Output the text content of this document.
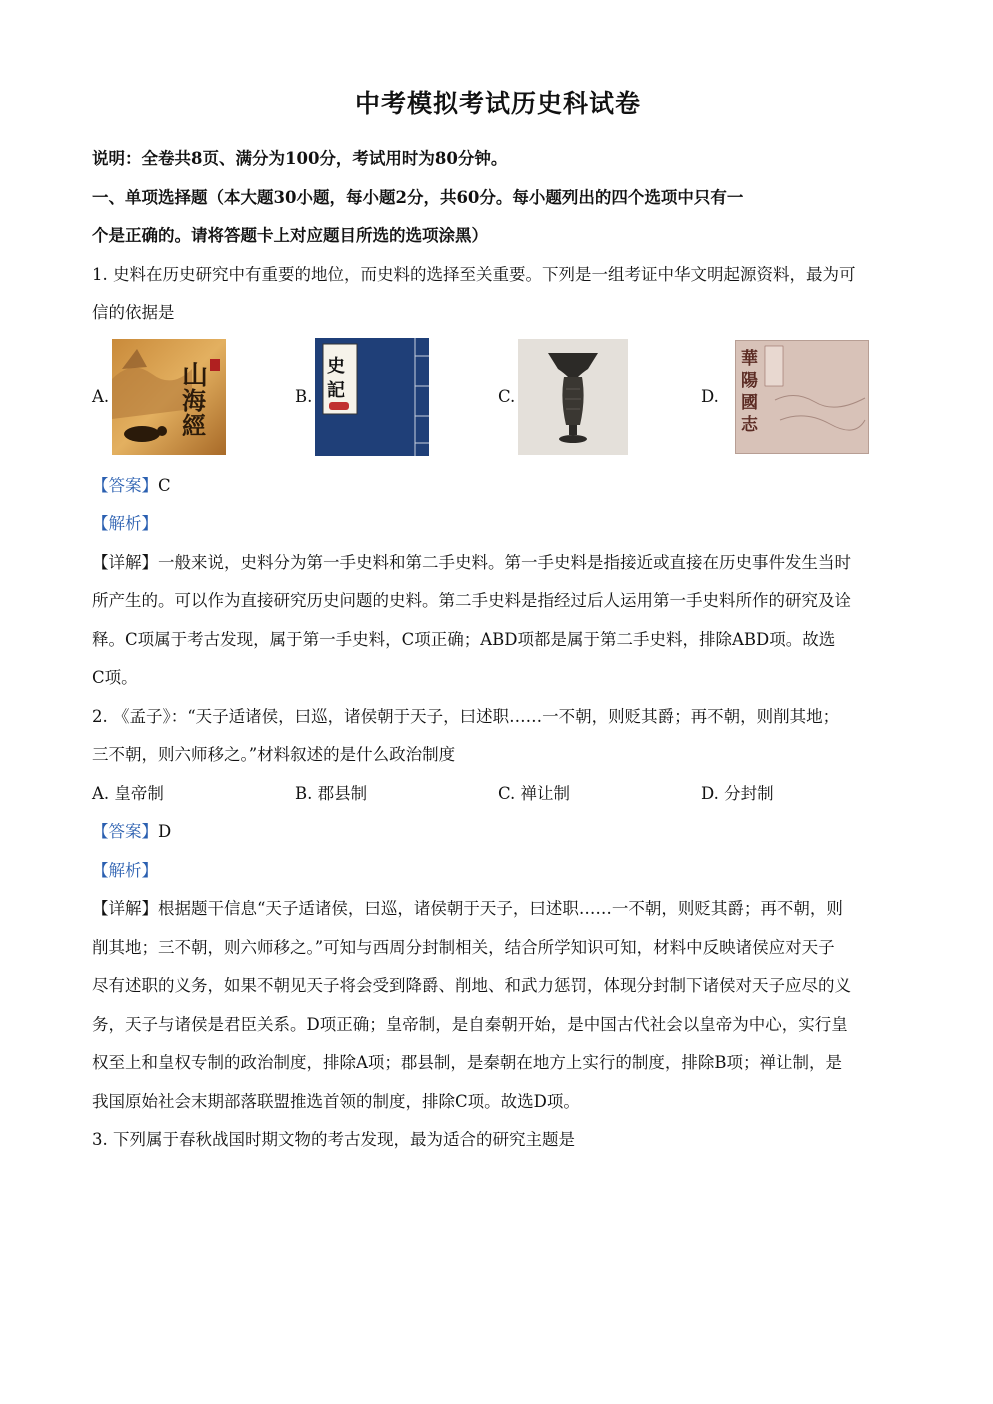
中考模拟考试历史科试卷

说明：全卷共8页、满分为100分，考试用时为80分钟。

一、单项选择题（本大题30小题，每小题2分，共60分。每小题列出的四个选项中只有一

个是正确的。请将答题卡上对应题目所选的选项涂黑）

1. 史料在历史研究中有重要的地位，而史料的选择至关重要。下列是一组考证中华文明起源资料，最为可

信的依据是

A.
山
海
經
B.
史
記	C.	D.
華
陽
國
志

【答案】C

【解析】

【详解】一般来说，史料分为第一手史料和第二手史料。第一手史料是指接近或直接在历史事件发生当时

所产生的。可以作为直接研究历史问题的史料。第二手史料是指经过后人运用第一手史料所作的研究及诠

释。C项属于考古发现，属于第一手史料，C项正确；ABD项都是属于第二手史料，排除ABD项。故选

C项。

2. 《孟子》：“天子适诸侯，曰巡，诸侯朝于天子，曰述职……一不朝，则贬其爵；再不朝，则削其地；

三不朝，则六师移之。”材料叙述的是什么政治制度

A. 皇帝制	B. 郡县制	C. 禅让制	D. 分封制

【答案】D

【解析】

【详解】根据题干信息“天子适诸侯，曰巡，诸侯朝于天子，曰述职……一不朝，则贬其爵；再不朝，则

削其地；三不朝，则六师移之。”可知与西周分封制相关，结合所学知识可知，材料中反映诸侯应对天子

尽有述职的义务，如果不朝见天子将会受到降爵、削地、和武力惩罚，体现分封制下诸侯对天子应尽的义

务，天子与诸侯是君臣关系。D项正确；皇帝制，是自秦朝开始，是中国古代社会以皇帝为中心，实行皇

权至上和皇权专制的政治制度，排除A项；郡县制，是秦朝在地方上实行的制度，排除B项；禅让制，是

我国原始社会末期部落联盟推选首领的制度，排除C项。故选D项。

3. 下列属于春秋战国时期文物的考古发现，最为适合的研究主题是
